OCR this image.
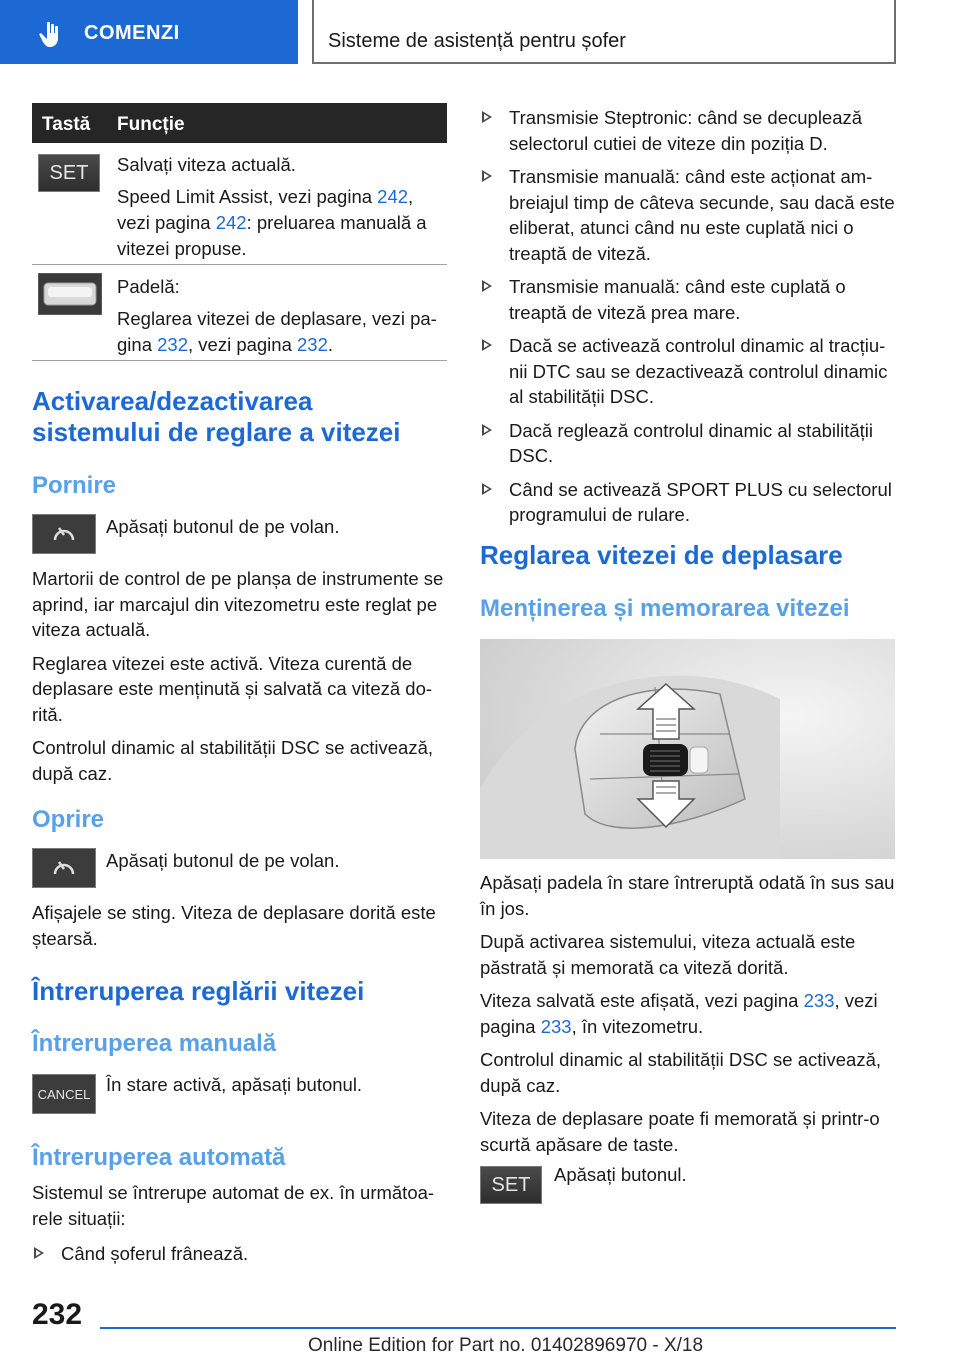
COMENZI	Sisteme de asistență pentru șofer
Tastă Funcție
SET	Salvați viteza actuală.

Speed Limit Assist, vezi pagina 242, vezi pagina 242: preluarea manuală a vitezei propuse.

Padelă:

Reglarea vitezei de deplasare, vezi pagina 232, vezi pagina 232.

Activarea/dezactivarea sistemului de reglare a vitezei
Pornire
Apăsați butonul de pe volan.

Martorii de control de pe planșa de instrumente se aprind, iar marcajul din vitezometru este reglat pe viteza actuală.

Reglarea vitezei este activă. Viteza curentă de deplasare este menținută și salvată ca viteză dorită.

Controlul dinamic al stabilității DSC se activează, după caz.

Oprire
Apăsați butonul de pe volan.

Afișajele se sting. Viteza de deplasare dorită este ștearsă.

Întreruperea reglării vitezei
Întreruperea manuală
CANCEL În stare activă, apăsați butonul.
Întreruperea automată

Sistemul se întrerupe automat de ex. în următoarele situații:

Când șoferul frânează.
Transmisie Steptronic: când se decuplează selectorul cutiei de viteze din poziția D.
Transmisie manuală: când este acționat ambreiajul timp de câteva secunde, sau dacă este eliberat, atunci când nu este cuplată nici o treaptă de viteză.
Transmisie manuală: când este cuplată o treaptă de viteză prea mare.
Dacă se activează controlul dinamic al tracțiunii DTC sau se dezactivează controlul dinamic al stabilității DSC.
Dacă reglează controlul dinamic al stabilității DSC.
Când se activează SPORT PLUS cu selectorul programului de rulare.
Reglarea vitezei de deplasare
Menținerea și memorarea vitezei

Apăsați padela în stare întreruptă odată în sus sau în jos.

După activarea sistemului, viteza actuală este păstrată și memorată ca viteză dorită.

Viteza salvată este afișată, vezi pagina 233, vezi pagina 233, în vitezometru.

Controlul dinamic al stabilității DSC se activează, după caz.

Viteza de deplasare poate fi memorată și printr-o scurtă apăsare de taste.

SET	Apăsați butonul.
232
Online Edition for Part no. 01402896970 - X/18
